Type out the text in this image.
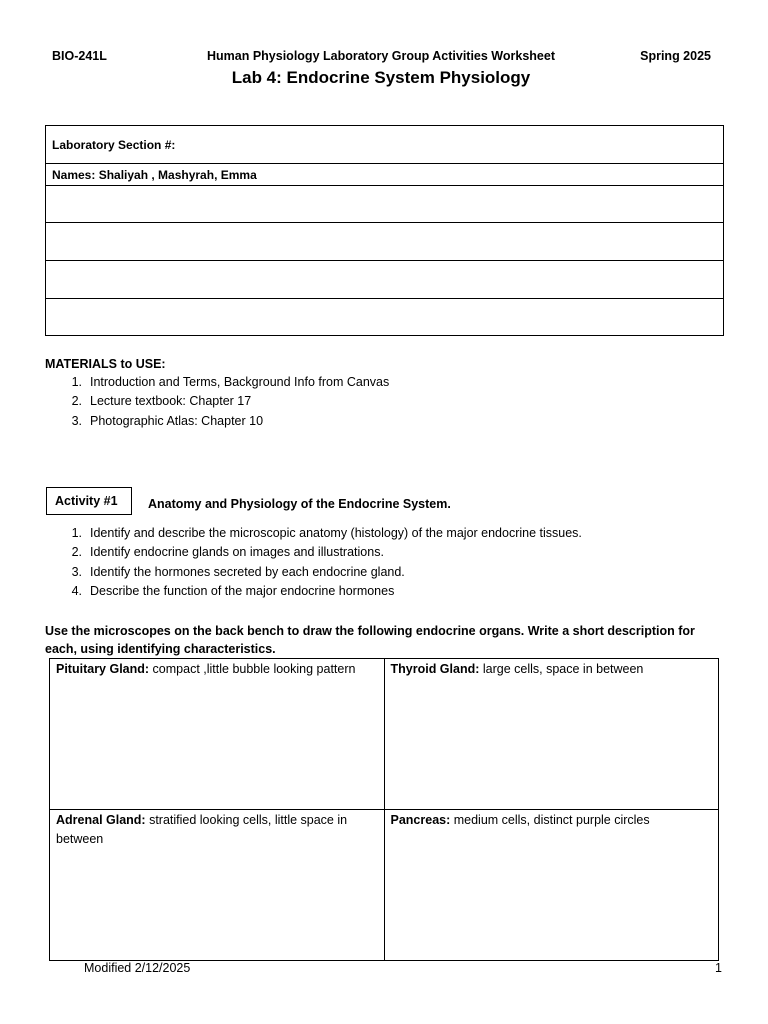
BIO-241L	Human Physiology Laboratory Group Activities Worksheet	Spring 2025
Lab 4: Endocrine System Physiology
Laboratory Section #:
Names: Shaliyah , Mashyrah, Emma

MATERIALS to USE:
1. Introduction and Terms, Background Info from Canvas
2. Lecture textbook: Chapter 17
3. Photographic Atlas: Chapter 10
Activity #1	Anatomy and Physiology of the Endocrine System.
1. Identify and describe the microscopic anatomy (histology) of the major endocrine tissues.
2. Identify endocrine glands on images and illustrations.
3. Identify the hormones secreted by each endocrine gland.
4. Describe the function of the major endocrine hormones
Use the microscopes on the back bench to draw the following endocrine organs. Write a short description for each, using identifying characteristics.
Pituitary Gland: compact ,little bubble looking pattern	Thyroid Gland: large cells, space in between
Adrenal Gland: stratified looking cells, little space in between	Pancreas: medium cells, distinct purple circles
Modified 2/12/2025	1
